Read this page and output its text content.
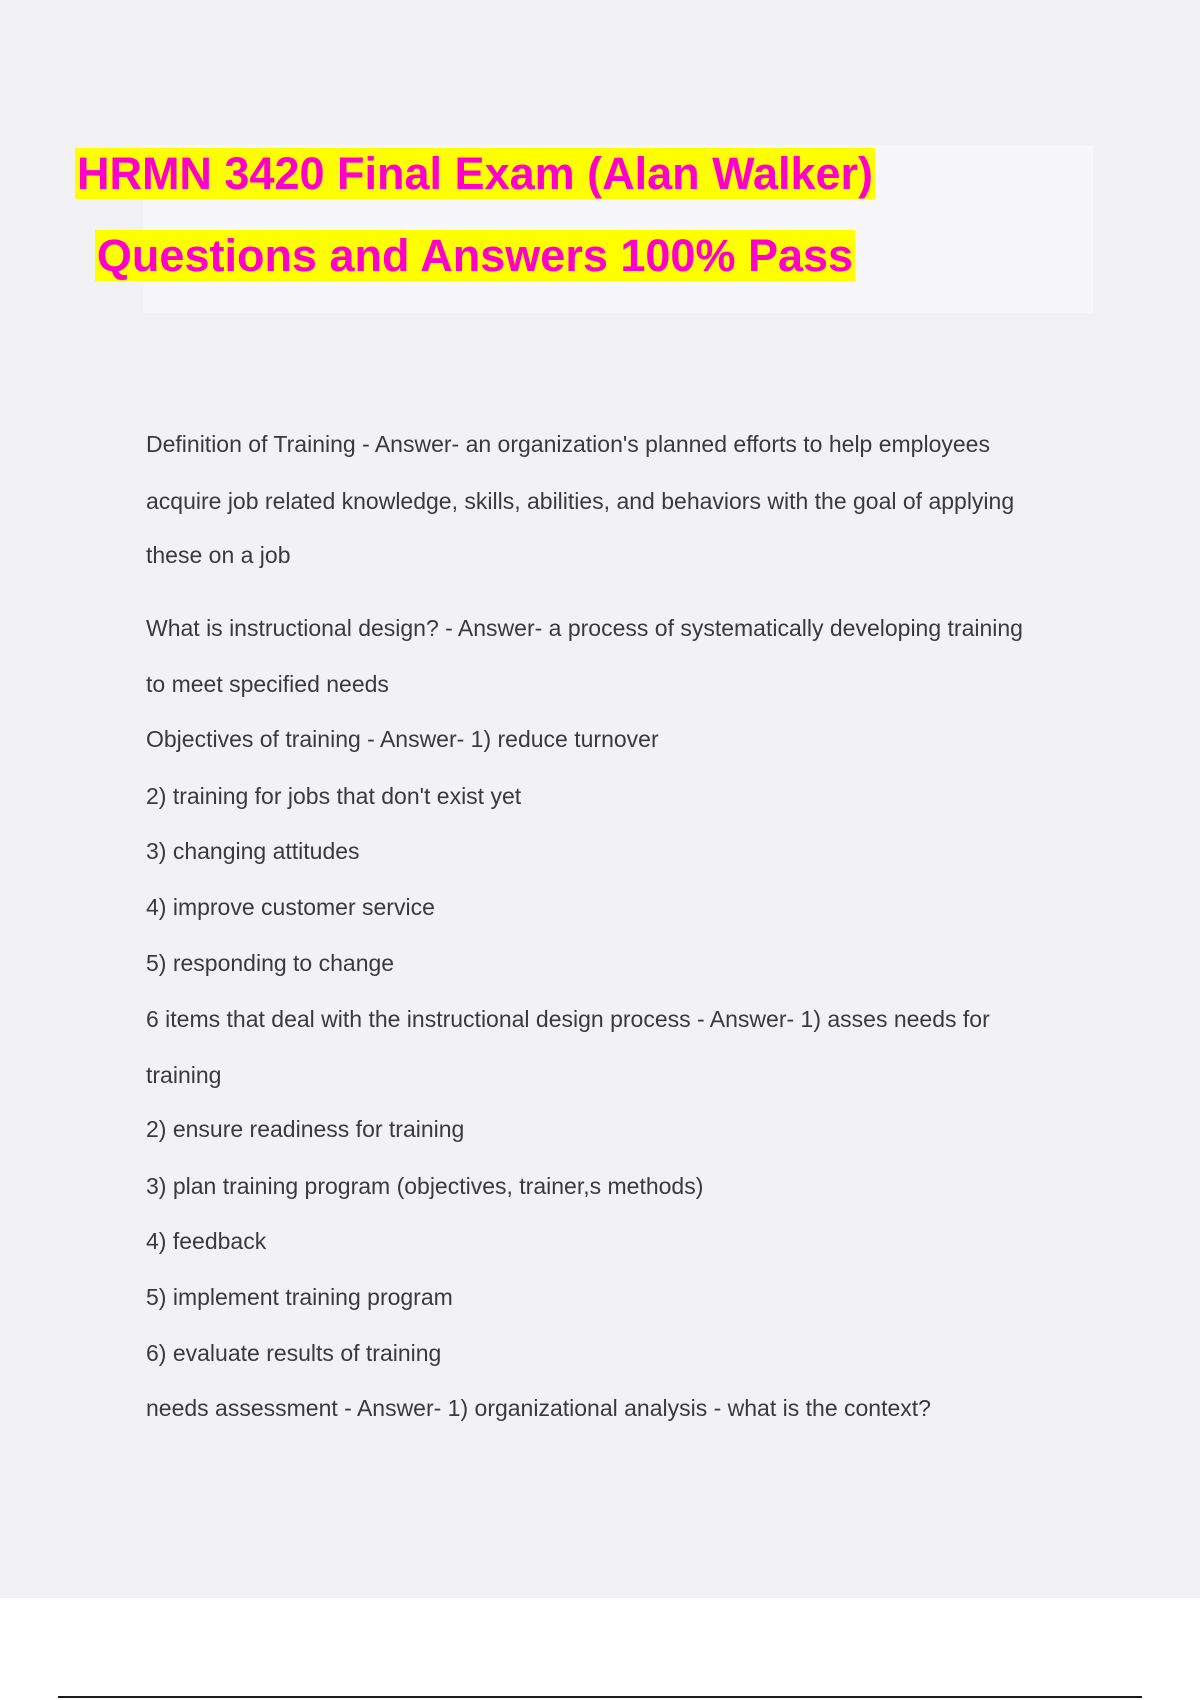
HRMN 3420 Final Exam (Alan Walker)
Questions and Answers 100% Pass
Definition of Training - Answer- an organization's planned efforts to help employees
acquire job related knowledge, skills, abilities, and behaviors with the goal of applying
these on a job
What is instructional design? - Answer- a process of systematically developing training
to meet specified needs
Objectives of training - Answer- 1) reduce turnover
2) training for jobs that don't exist yet
3) changing attitudes
4) improve customer service
5) responding to change
6 items that deal with the instructional design process - Answer- 1) asses needs for
training
2) ensure readiness for training
3) plan training program (objectives, trainer,s methods)
4) feedback
5) implement training program
6) evaluate results of training
needs assessment - Answer- 1) organizational analysis - what is the context?
